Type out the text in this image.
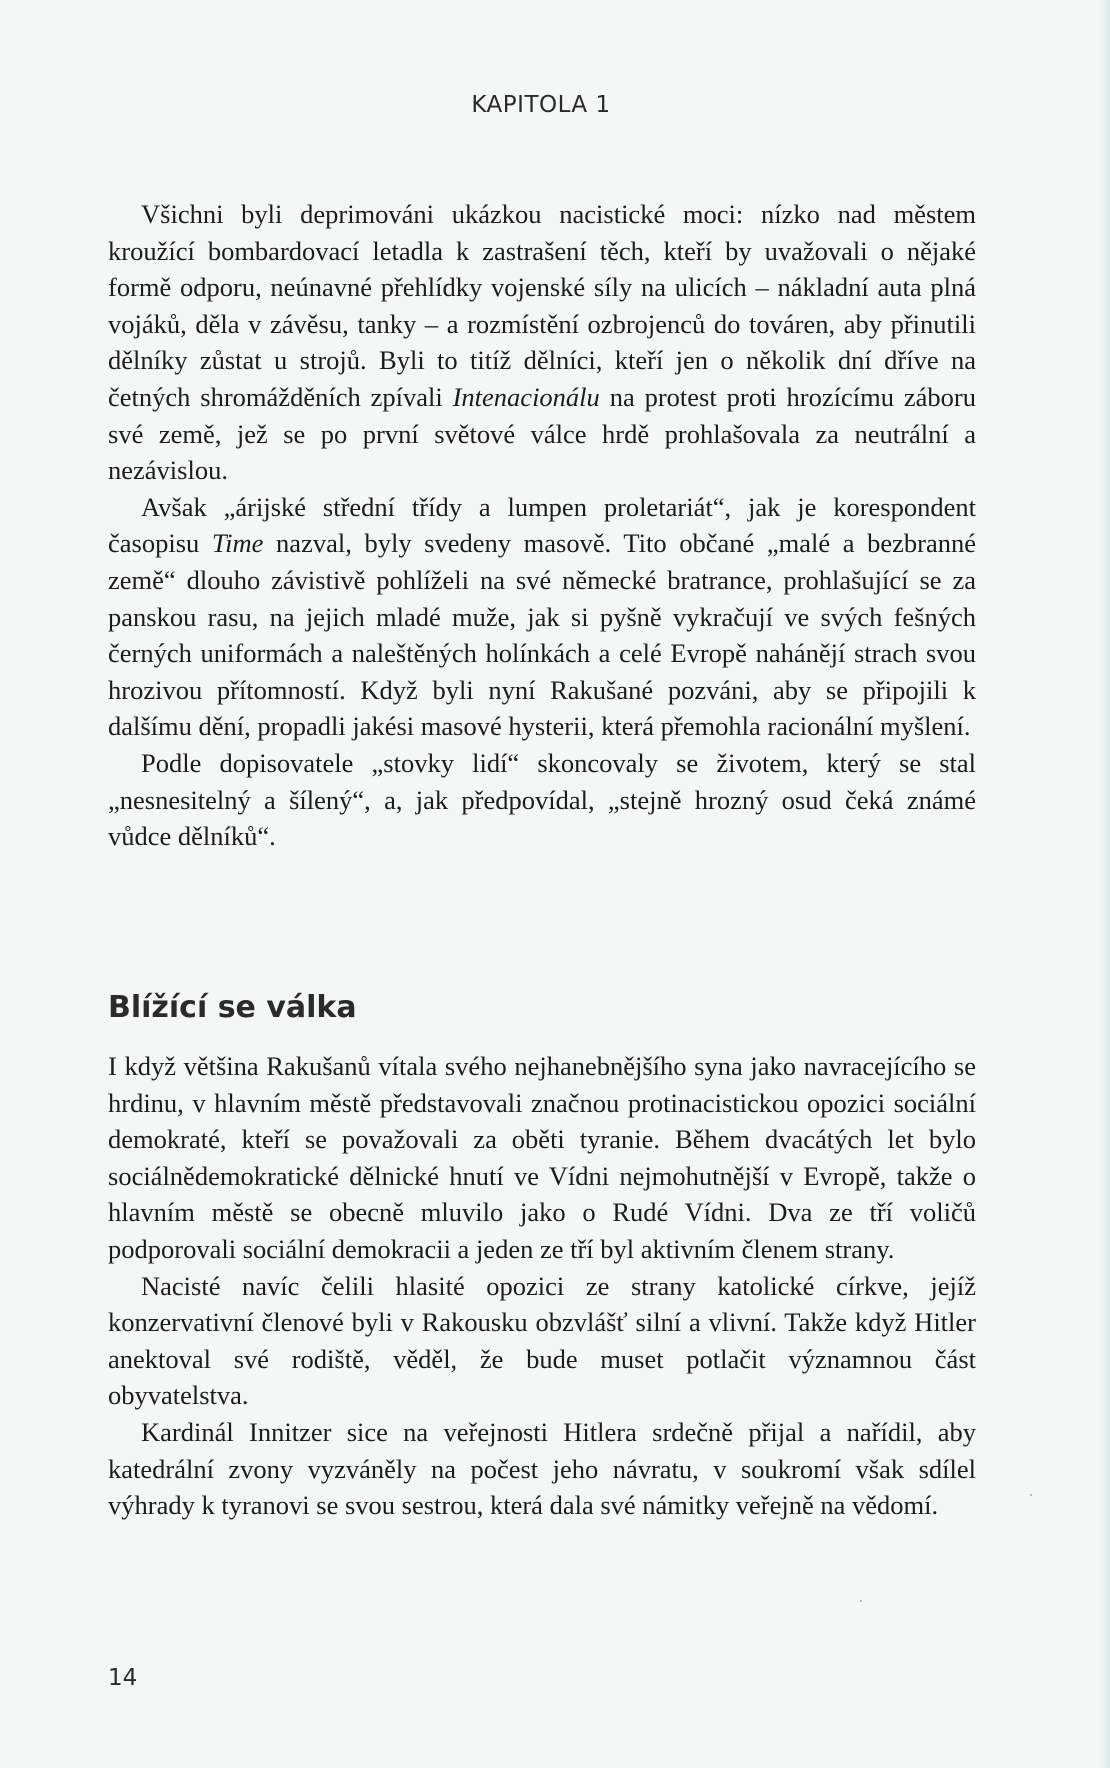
KAPITOLA 1

Všichni byli deprimováni ukázkou nacistické moci: nízko nad městem kroužící bombardovací letadla k zastrašení těch, kteří by uvažovali o nějaké formě odporu, neúnavné přehlídky vojenské síly na ulicích – nákladní auta plná vojáků, děla v závěsu, tanky – a rozmístění ozbrojenců do továren, aby přinutili dělníky zůstat u strojů. Byli to titíž dělníci, kteří jen o několik dní dříve na četných shromážděních zpívali Intenacionálu na protest proti hrozícímu záboru své země, jež se po první světové válce hrdě prohlašovala za neutrální a nezávislou.

Avšak „árijské střední třídy a lumpen proletariát“, jak je korespondent časopisu Time nazval, byly svedeny masově. Tito občané „malé a bezbranné země“ dlouho závistivě pohlíželi na své německé bratrance, prohlašující se za panskou rasu, na jejich mladé muže, jak si pyšně vykračují ve svých fešných černých uniformách a naleštěných holínkách a celé Evropě nahánějí strach svou hrozivou přítomností. Když byli nyní Rakušané pozváni, aby se připojili k dalšímu dění, propadli jakési masové hysterii, která přemohla racionální myšlení.

Podle dopisovatele „stovky lidí“ skoncovaly se životem, který se stal „nesnesitelný a šílený“, a, jak předpovídal, „stejně hrozný osud čeká známé vůdce dělníků“.

Blížící se válka

I když většina Rakušanů vítala svého nejhanebnějšího syna jako navracejícího se hrdinu, v hlavním městě představovali značnou protinacistickou opozici sociální demokraté, kteří se považovali za oběti tyranie. Během dvacátých let bylo sociálnědemokratické dělnické hnutí ve Vídni nejmohutnější v Evropě, takže o hlavním městě se obecně mluvilo jako o Rudé Vídni. Dva ze tří voličů podporovali sociální demokracii a jeden ze tří byl aktivním členem strany.

Nacisté navíc čelili hlasité opozici ze strany katolické církve, jejíž konzervativní členové byli v Rakousku obzvlášť silní a vlivní. Takže když Hitler anektoval své rodiště, věděl, že bude muset potlačit významnou část obyvatelstva.

Kardinál Innitzer sice na veřejnosti Hitlera srdečně přijal a nařídil, aby katedrální zvony vyzváněly na počest jeho návratu, v soukromí však sdílel výhrady k tyranovi se svou sestrou, která dala své námitky veřejně na vědomí.

14
